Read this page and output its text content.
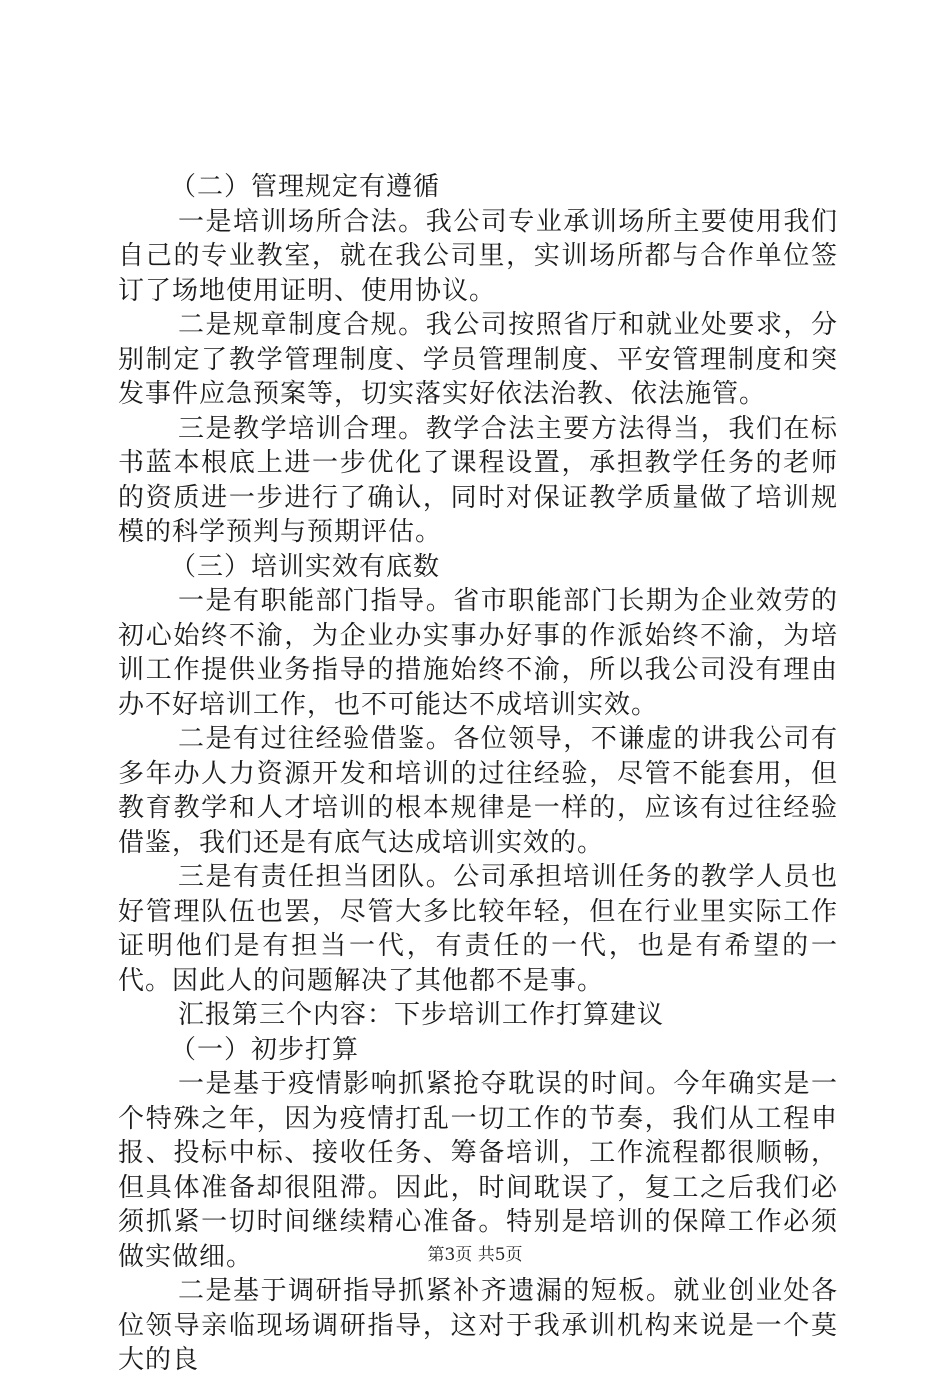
（二）管理规定有遵循

一是培训场所合法。我公司专业承训场所主要使用我们自己的专业教室，就在我公司里，实训场所都与合作单位签订了场地使用证明、使用协议。

二是规章制度合规。我公司按照省厅和就业处要求，分别制定了教学管理制度、学员管理制度、平安管理制度和突发事件应急预案等，切实落实好依法治教、依法施管。

三是教学培训合理。教学合法主要方法得当，我们在标书蓝本根底上进一步优化了课程设置，承担教学任务的老师的资质进一步进行了确认，同时对保证教学质量做了培训规模的科学预判与预期评估。

（三）培训实效有底数

一是有职能部门指导。省市职能部门长期为企业效劳的初心始终不渝，为企业办实事办好事的作派始终不渝，为培训工作提供业务指导的措施始终不渝，所以我公司没有理由办不好培训工作，也不可能达不成培训实效。

二是有过往经验借鉴。各位领导，不谦虚的讲我公司有多年办人力资源开发和培训的过往经验，尽管不能套用，但教育教学和人才培训的根本规律是一样的，应该有过往经验借鉴，我们还是有底气达成培训实效的。

三是有责任担当团队。公司承担培训任务的教学人员也好管理队伍也罢，尽管大多比较年轻，但在行业里实际工作证明他们是有担当一代，有责任的一代，也是有希望的一代。因此人的问题解决了其他都不是事。

汇报第三个内容：下步培训工作打算建议

（一）初步打算

一是基于疫情影响抓紧抢夺耽误的时间。今年确实是一个特殊之年，因为疫情打乱一切工作的节奏，我们从工程申报、投标中标、接收任务、筹备培训，工作流程都很顺畅，但具体准备却很阻滞。因此，时间耽误了，复工之后我们必须抓紧一切时间继续精心准备。特别是培训的保障工作必须做实做细。

二是基于调研指导抓紧补齐遗漏的短板。就业创业处各位领导亲临现场调研指导，这对于我承训机构来说是一个莫大的良

第3页 共5页
